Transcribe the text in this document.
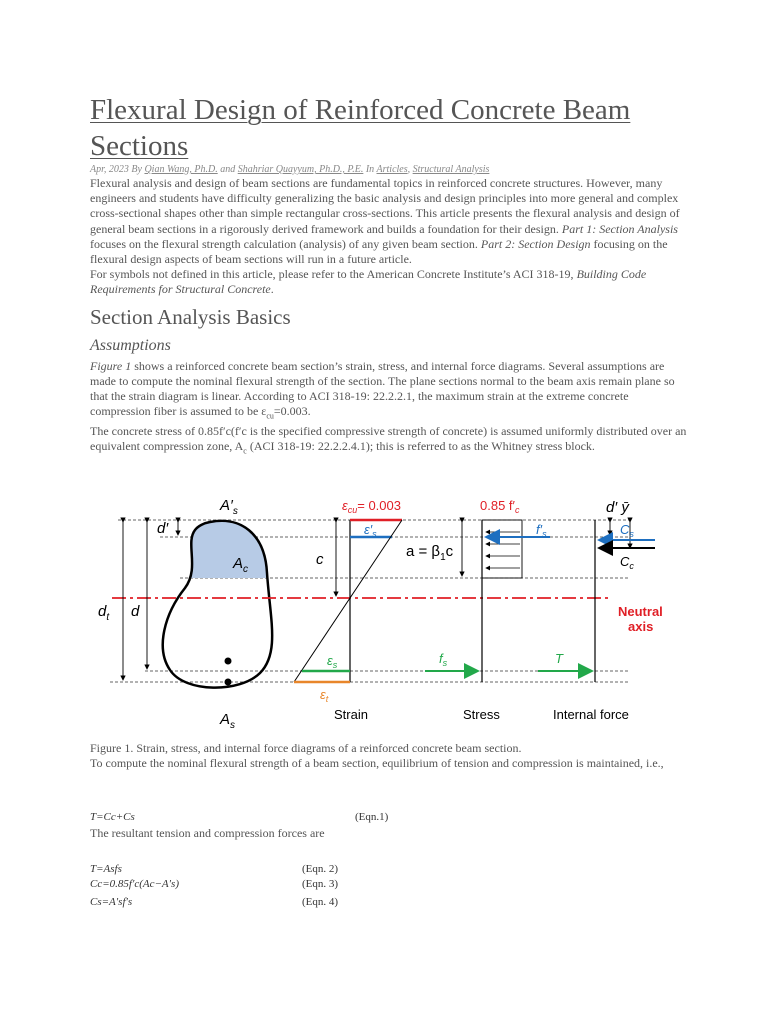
Flexural Design of Reinforced Concrete Beam Sections
Apr, 2023 By Qian Wang, Ph.D. and Shahriar Quayyum, Ph.D., P.E. In Articles, Structural Analysis

Flexural analysis and design of beam sections are fundamental topics in reinforced concrete structures. However, many engineers and students have difficulty generalizing the basic analysis and design principles into more general and complex cross-sectional shapes other than simple rectangular cross-sections. This article presents the flexural analysis and design of general beam sections in a rigorously derived framework and builds a foundation for their design. Part 1: Section Analysis focuses on the flexural strength calculation (analysis) of any given beam section. Part 2: Section Design focusing on the flexural design aspects of beam sections will run in a future article.

For symbols not defined in this article, please refer to the American Concrete Institute’s ACI 318-19, Building Code Requirements for Structural Concrete.

Section Analysis Basics
Assumptions

Figure 1 shows a reinforced concrete beam section’s strain, stress, and internal force diagrams. Several assumptions are made to compute the nominal flexural strength of the section. The plane sections normal to the beam axis remain plane so that the strain diagram is linear. According to ACI 318-19: 22.2.2.1, the maximum strain at the extreme concrete compression fiber is assumed to be $\varepsilon_{cu}=0.003$.

The concrete stress of 0.85f′c(f′c is the specified compressive strength of concrete) is assumed uniformly distributed over an equivalent compression zone, $A_c$ (ACI 318-19: 22.2.2.4.1); this is referred to as the Whitney stress block.

$A'_s$
d′
$A_c$
c
$d_t$ d
$A_s$
$\varepsilon_{cu}= 0.003$
$\varepsilon'_s$
$\varepsilon_s$
$\varepsilon_t$
0.85 $f'_c$
$a = \beta_1c$
$f'_s$
$f_s$
d′ ȳ
$C_s$
$C_c$
T
Neutral
axis
Strain	Stress	Internal force

Figure 1. Strain, stress, and internal force diagrams of a reinforced concrete beam section.

To compute the nominal flexural strength of a beam section, equilibrium of tension and compression is maintained, i.e.,

T=Cc+Cs	(Eqn.1)
The resultant tension and compression forces are
T=Asfs	(Eqn. 2)
Cc=0.85f′c(Ac−A′s)	(Eqn. 3)
Cs=A′sf′s	(Eqn. 4)
